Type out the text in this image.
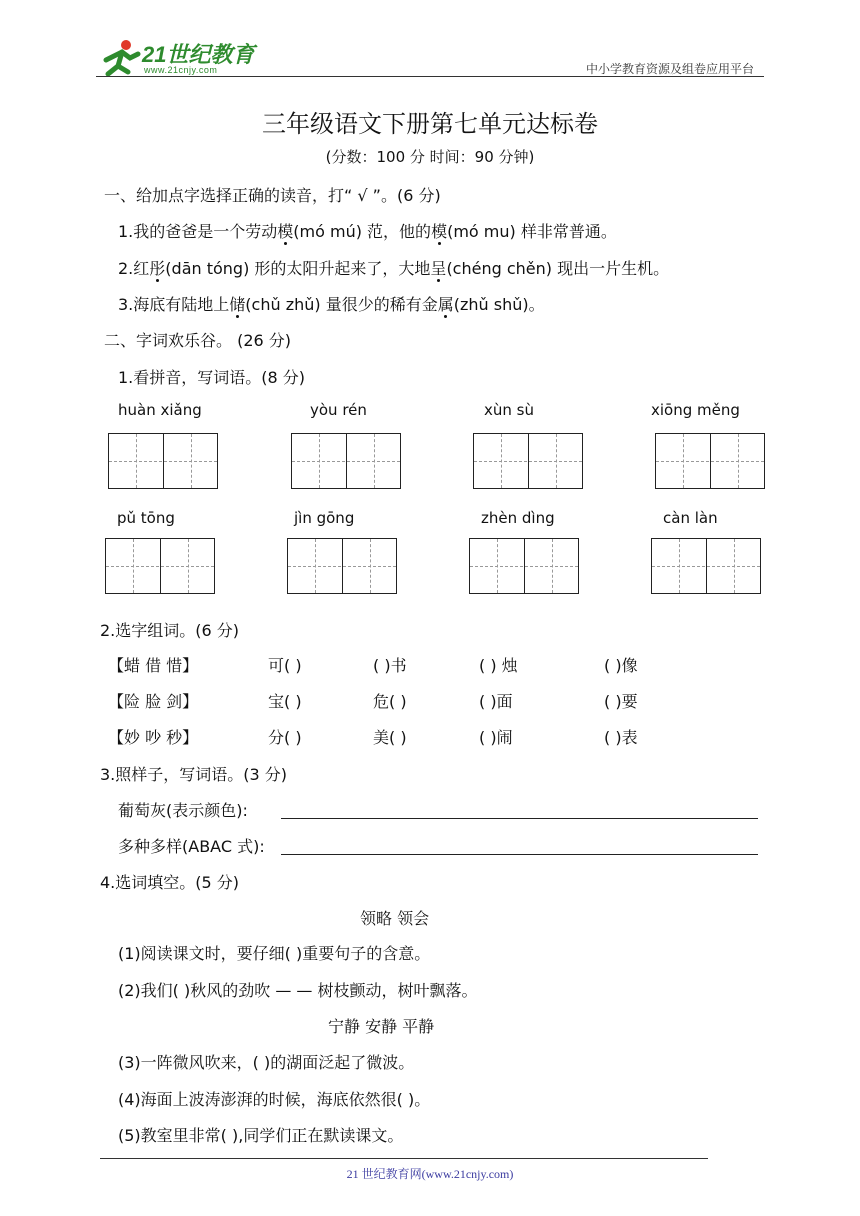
21世纪教育
www.21cnjy.com	中小学教育资源及组卷应用平台
三年级语文下册第七单元达标卷
(分数：100 分 时间：90 分钟)
一、给加点字选择正确的读音，打“ √ ”。(6 分)
1.我的爸爸是一个劳动模(mó mú) 范，他的模(mó mu) 样非常普通。
2.红彤(dān tóng) 形的太阳升起来了，大地呈(chéng chěn) 现出一片生机。
3.海底有陆地上储(chǔ zhǔ) 量很少的稀有金属(zhǔ shǔ)。
二、字词欢乐谷。 (26 分)
1.看拼音，写词语。(8 分)
huàn xiǎng	yòu rén	xùn sù	xiōng měng
pǔ tōng	jìn gōng	zhèn dìng	càn làn
2.选字组词。(6 分)
【蜡 借 惜】	可( )	( )书	( ) 烛	( )像
【险 脸 剑】	宝( )	危( )	( )面	( )要
【妙 吵 秒】	分( )	美( )	( )闹	( )表
3.照样子，写词语。(3 分)
葡萄灰(表示颜色):
多种多样(ABAC 式):
4.选词填空。(5 分)
领略 领会
(1)阅读课文时，要仔细( )重要句子的含意。
(2)我们( )秋风的劲吹 — — 树枝颤动，树叶飘落。
宁静 安静 平静
(3)一阵微风吹来，( )的湖面泛起了微波。
(4)海面上波涛澎湃的时候，海底依然很( )。
(5)教室里非常( ),同学们正在默读课文。
21 世纪教育网(www.21cnjy.com)
